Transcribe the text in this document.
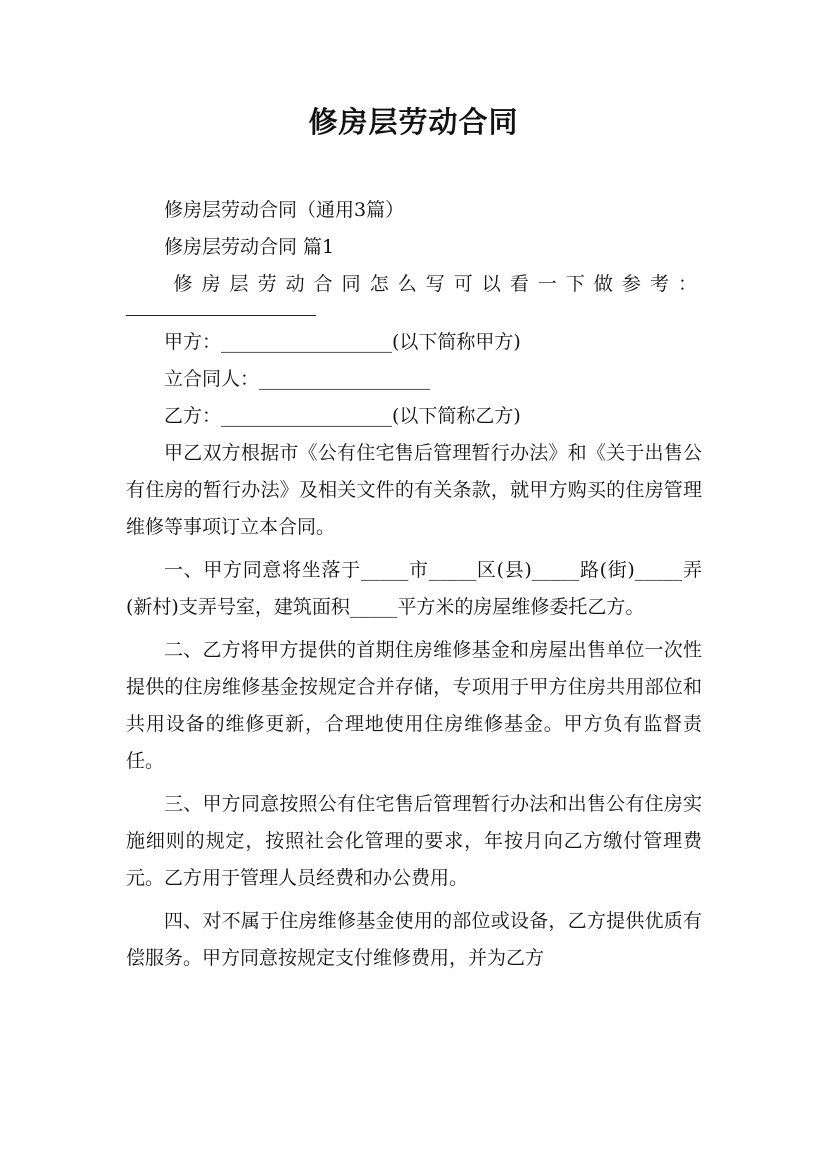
修房层劳动合同

修房层劳动合同（通用3篇）

修房层劳动合同 篇1

修房层劳动合同怎么写可以看一下做参考：

甲方：__________________(以下简称甲方)

立合同人：__________________

乙方：__________________(以下简称乙方)

甲乙双方根据市《公有住宅售后管理暂行办法》和《关于出售公有住房的暂行办法》及相关文件的有关条款，就甲方购买的住房管理维修等事项订立本合同。

一、甲方同意将坐落于_____市_____区(县)_____路(街)_____弄(新村)支弄号室，建筑面积_____平方米的房屋维修委托乙方。

二、乙方将甲方提供的首期住房维修基金和房屋出售单位一次性提供的住房维修基金按规定合并存储，专项用于甲方住房共用部位和共用设备的维修更新，合理地使用住房维修基金。甲方负有监督责任。

三、甲方同意按照公有住宅售后管理暂行办法和出售公有住房实施细则的规定，按照社会化管理的要求，年按月向乙方缴付管理费元。乙方用于管理人员经费和办公费用。

四、对不属于住房维修基金使用的部位或设备，乙方提供优质有偿服务。甲方同意按规定支付维修费用，并为乙方
